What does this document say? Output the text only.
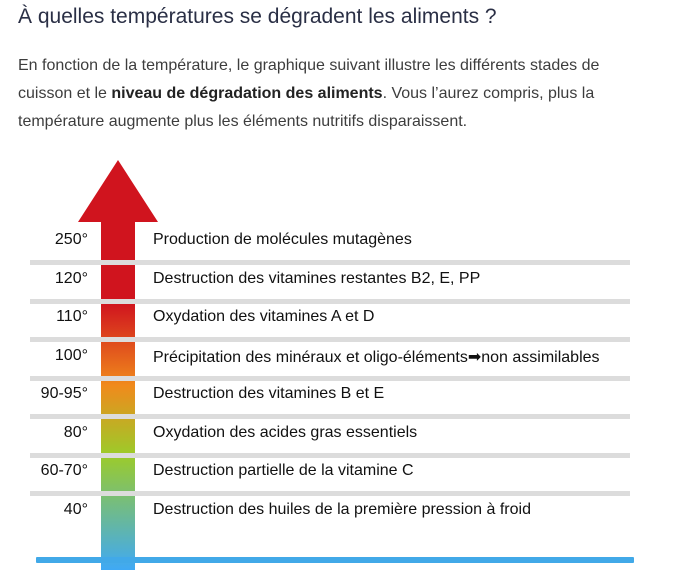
À quelles températures se dégradent les aliments ?

En fonction de la température, le graphique suivant illustre les différents stades de cuisson et le niveau de dégradation des aliments. Vous l’aurez compris, plus la température augmente plus les éléments nutritifs disparaissent.

250°	Production de molécules mutagènes
120°	Destruction des vitamines restantes B2, E, PP
110°	Oxydation des vitamines A et D
100°	Précipitation des minéraux et oligo-éléments➡non assimilables
90-95°	Destruction des vitamines B et E
80°	Oxydation des acides gras essentiels
60-70°	Destruction partielle de la vitamine C
40°	Destruction des huiles de la première pression à froid
